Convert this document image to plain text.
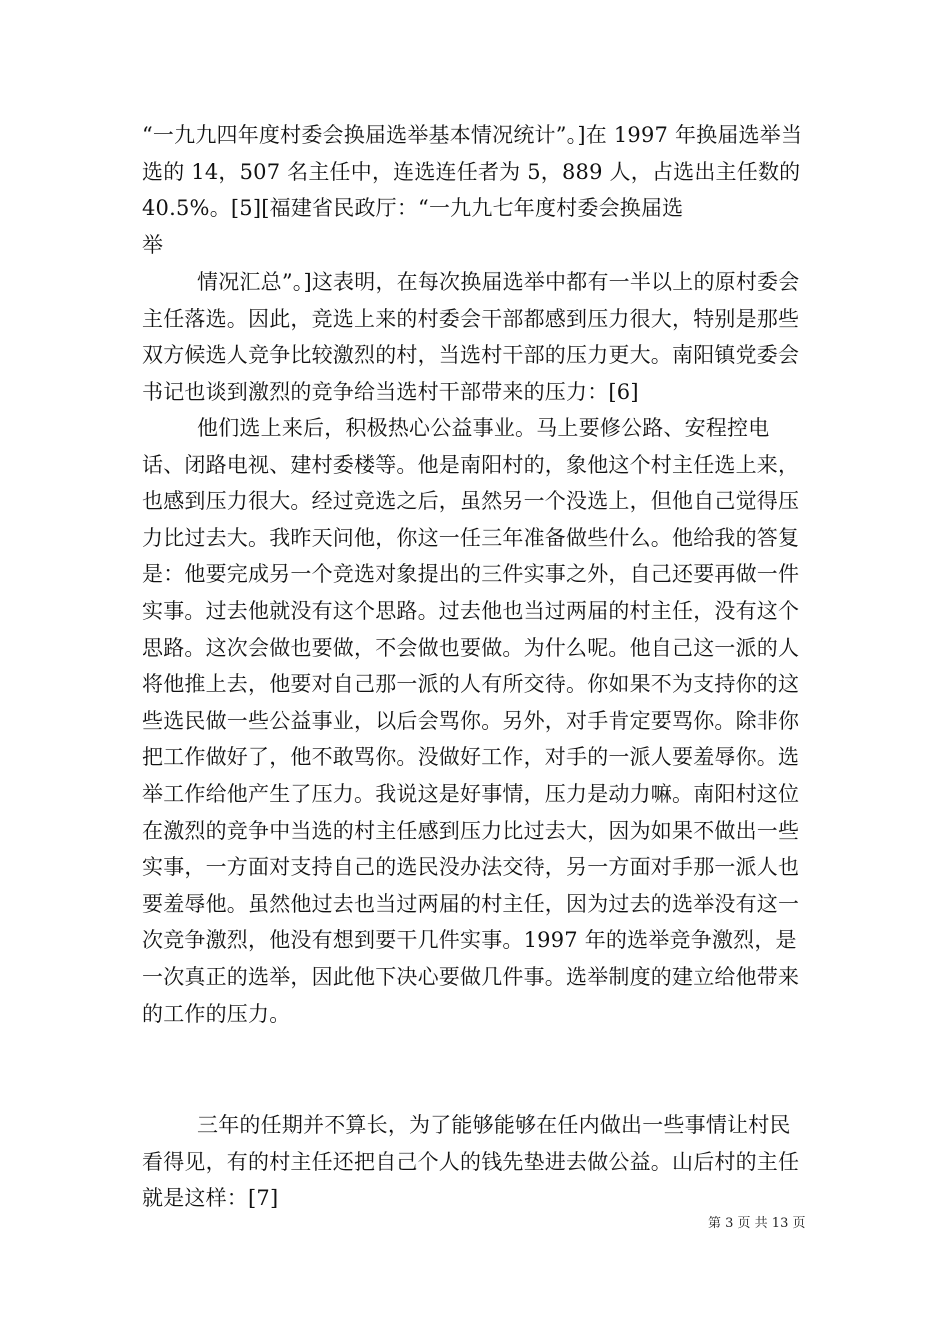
“一九九四年度村委会换届选举基本情况统计”。]在 1997 年换届选举当选的 14，507 名主任中，连选连任者为 5，889 人，占选出主任数的 40.5%。[5][福建省民政厅：“一九九七年度村委会换届选
举

情况汇总”。]这表明，在每次换届选举中都有一半以上的原村委会主任落选。因此，竞选上来的村委会干部都感到压力很大，特别是那些双方候选人竞争比较激烈的村，当选村干部的压力更大。南阳镇党委会书记也谈到激烈的竞争给当选村干部带来的压力：[6]

他们选上来后，积极热心公益事业。马上要修公路、安程控电话、闭路电视、建村委楼等。他是南阳村的，象他这个村主任选上来，也感到压力很大。经过竞选之后，虽然另一个没选上，但他自己觉得压力比过去大。我昨天问他，你这一任三年准备做些什么。他给我的答复是：他要完成另一个竞选对象提出的三件实事之外，自己还要再做一件实事。过去他就没有这个思路。过去他也当过两届的村主任，没有这个思路。这次会做也要做，不会做也要做。为什么呢。他自己这一派的人将他推上去，他要对自己那一派的人有所交待。你如果不为支持你的这些选民做一些公益事业，以后会骂你。另外，对手肯定要骂你。除非你把工作做好了，他不敢骂你。没做好工作，对手的一派人要羞辱你。选举工作给他产生了压力。我说这是好事情，压力是动力嘛。南阳村这位在激烈的竞争中当选的村主任感到压力比过去大，因为如果不做出一些实事，一方面对支持自己的选民没办法交待，另一方面对手那一派人也要羞辱他。虽然他过去也当过两届的村主任，因为过去的选举没有这一次竞争激烈，他没有想到要干几件实事。1997 年的选举竞争激烈，是一次真正的选举，因此他下决心要做几件事。选举制度的建立给他带来的工作的压力。

三年的任期并不算长，为了能够能够在任内做出一些事情让村民看得见，有的村主任还把自己个人的钱先垫进去做公益。山后村的主任就是这样：[7]

第 3 页 共 13 页
